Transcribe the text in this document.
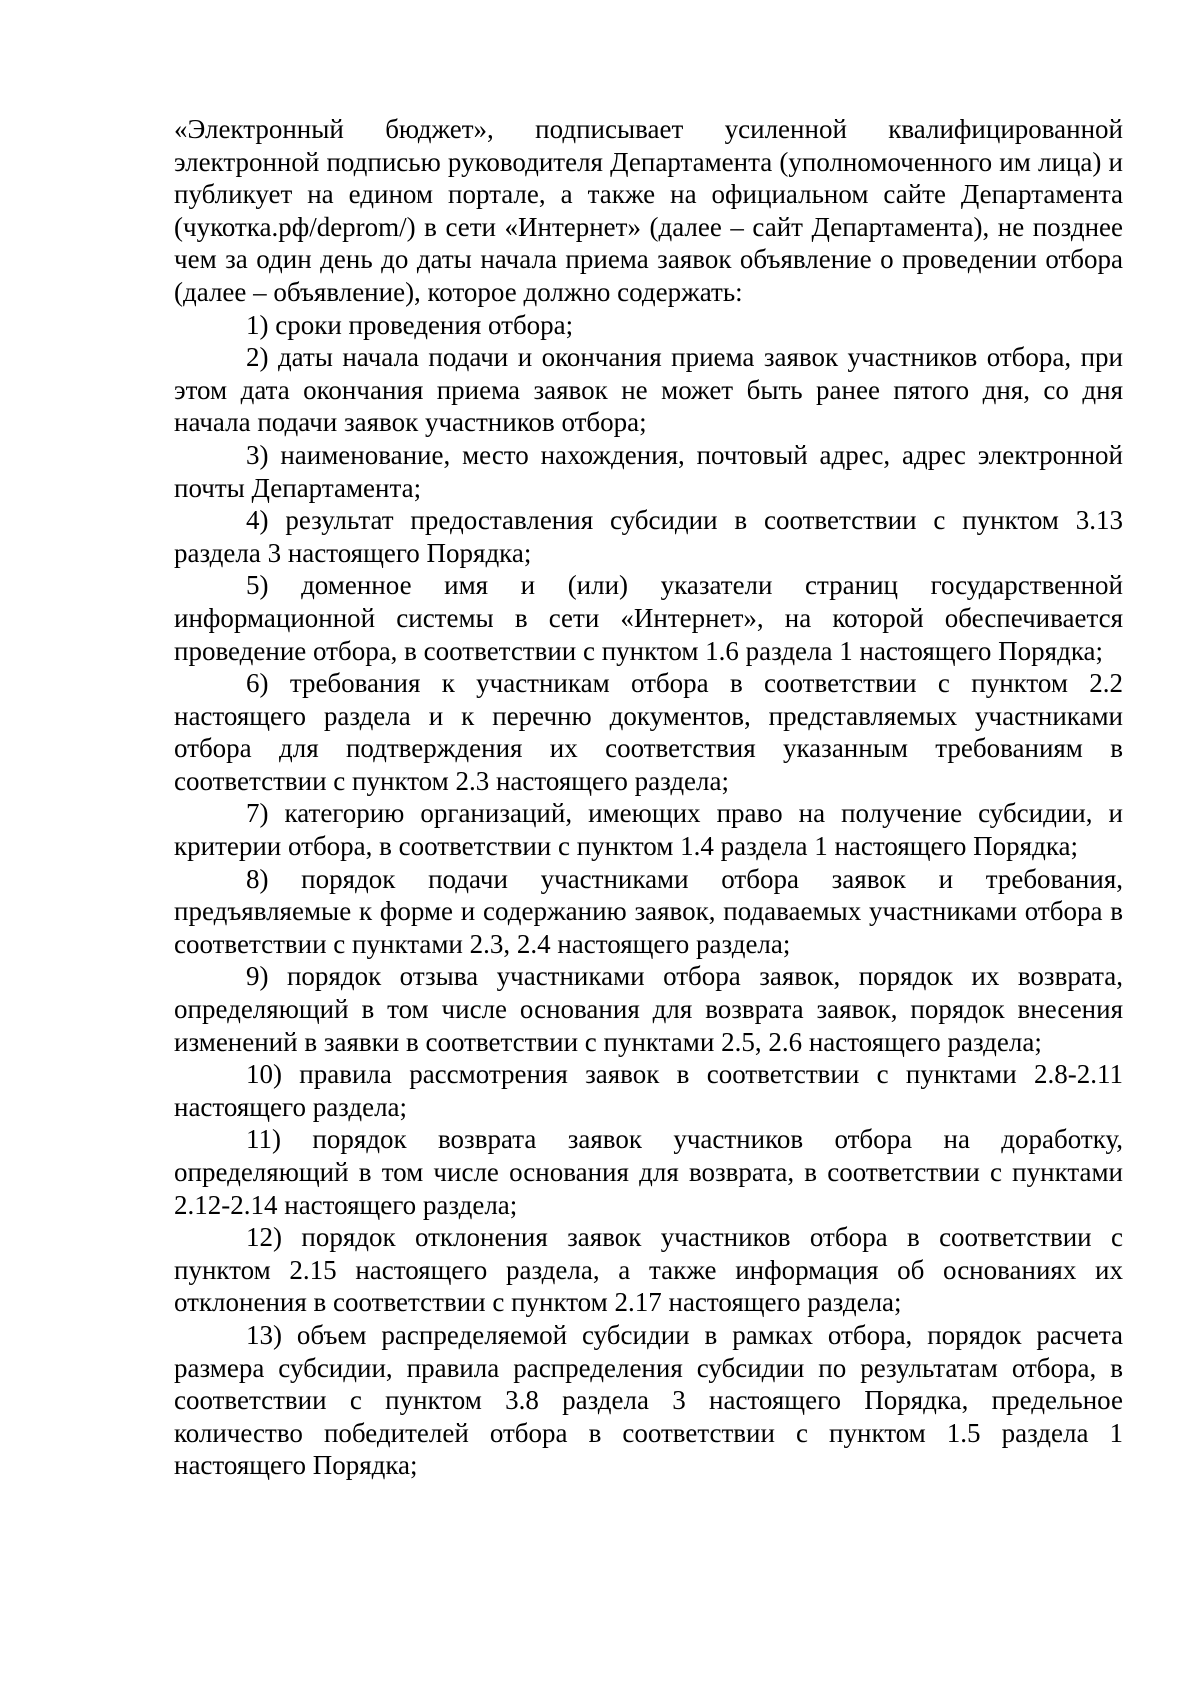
«Электронный бюджет», подписывает усиленной квалифицированной электронной подписью руководителя Департамента (уполномоченного им лица) и публикует на едином портале, а также на официальном сайте Департамента (чукотка.рф/deprom/) в сети «Интернет» (далее – сайт Департамента), не позднее чем за один день до даты начала приема заявок объявление о проведении отбора (далее – объявление), которое должно содержать:

1) сроки проведения отбора;

2) даты начала подачи и окончания приема заявок участников отбора, при этом дата окончания приема заявок не может быть ранее пятого дня, со дня начала подачи заявок участников отбора;

3) наименование, место нахождения, почтовый адрес, адрес электронной почты Департамента;

4) результат предоставления субсидии в соответствии с пунктом 3.13 раздела 3 настоящего Порядка;

5) доменное имя и (или) указатели страниц государственной информационной системы в сети «Интернет», на которой обеспечивается проведение отбора, в соответствии с пунктом 1.6 раздела 1 настоящего Порядка;

6) требования к участникам отбора в соответствии с пунктом 2.2 настоящего раздела и к перечню документов, представляемых участниками отбора для подтверждения их соответствия указанным требованиям в соответствии с пунктом 2.3 настоящего раздела;

7) категорию организаций, имеющих право на получение субсидии, и критерии отбора, в соответствии с пунктом 1.4 раздела 1 настоящего Порядка;

8) порядок подачи участниками отбора заявок и требования, предъявляемые к форме и содержанию заявок, подаваемых участниками отбора в соответствии с пунктами 2.3, 2.4 настоящего раздела;

9) порядок отзыва участниками отбора заявок, порядок их возврата, определяющий в том числе основания для возврата заявок, порядок внесения изменений в заявки в соответствии с пунктами 2.5, 2.6 настоящего раздела;

10) правила рассмотрения заявок в соответствии с пунктами 2.8-2.11 настоящего раздела;

11) порядок возврата заявок участников отбора на доработку, определяющий в том числе основания для возврата, в соответствии с пунктами 2.12-2.14 настоящего раздела;

12) порядок отклонения заявок участников отбора в соответствии с пунктом 2.15 настоящего раздела, а также информация об основаниях их отклонения в соответствии с пунктом 2.17 настоящего раздела;

13) объем распределяемой субсидии в рамках отбора, порядок расчета размера субсидии, правила распределения субсидии по результатам отбора, в соответствии с пунктом 3.8 раздела 3 настоящего Порядка, предельное количество победителей отбора в соответствии с пунктом 1.5 раздела 1 настоящего Порядка;
